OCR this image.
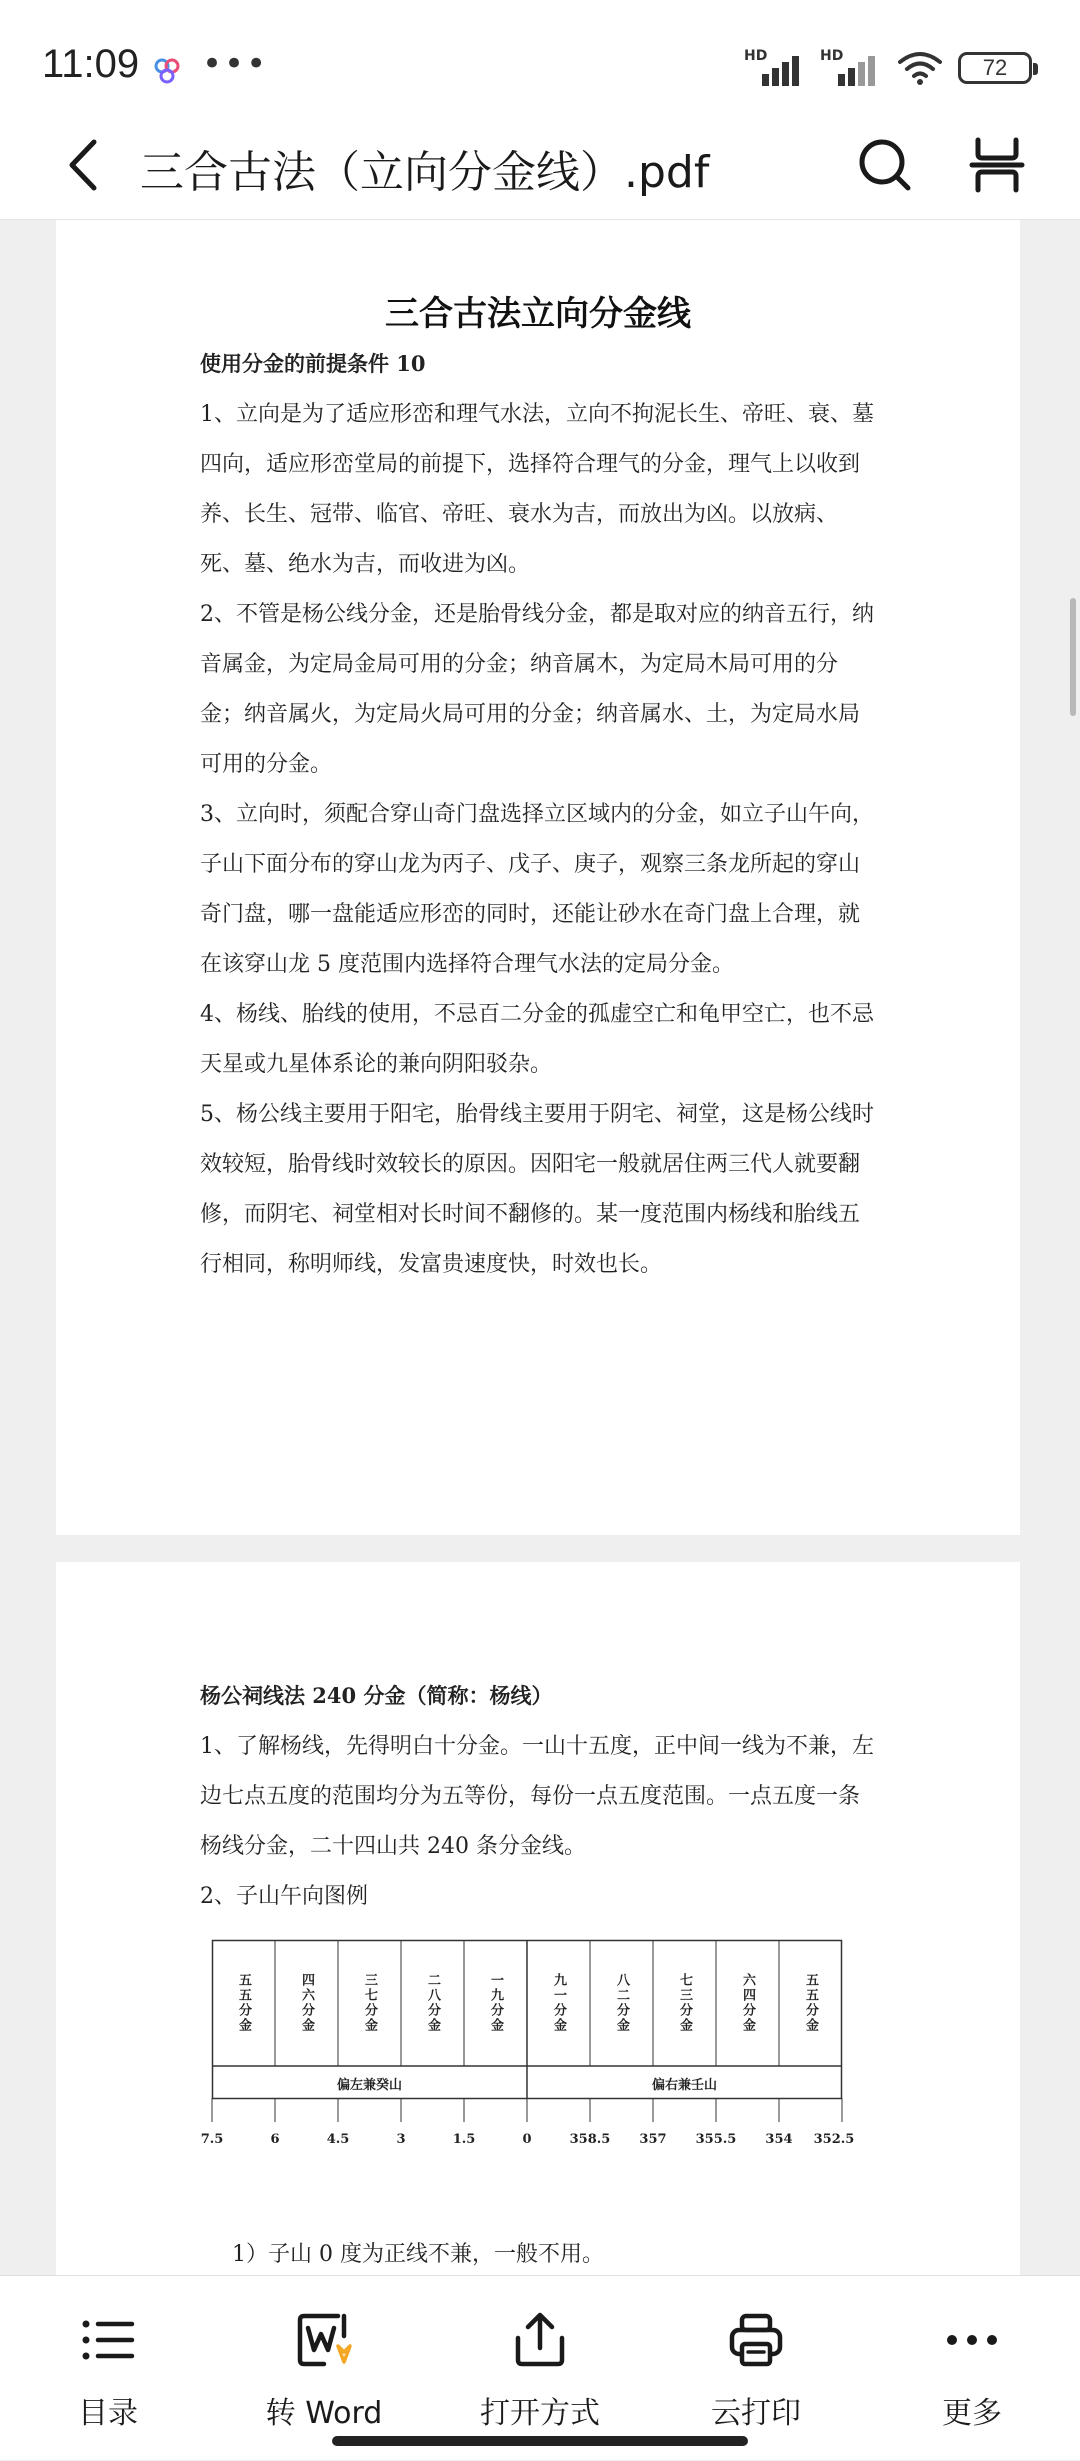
11:09 •••	HD	HD	72
三合古法（立向分金线）.pdf
三合古法立向分金线
使用分金的前提条件 10
1、立向是为了适应形峦和理气水法，立向不拘泥长生、帝旺、衰、墓四向，适应形峦堂局的前提下，选择符合理气的分金，理气上以收到养、长生、冠带、临官、帝旺、衰水为吉，而放出为凶。以放病、死、墓、绝水为吉，而收进为凶。
2、不管是杨公线分金，还是胎骨线分金，都是取对应的纳音五行，纳音属金，为定局金局可用的分金；纳音属木，为定局木局可用的分金；纳音属火，为定局火局可用的分金；纳音属水、土，为定局水局可用的分金。
3、立向时，须配合穿山奇门盘选择立区域内的分金，如立子山午向，子山下面分布的穿山龙为丙子、戊子、庚子，观察三条龙所起的穿山奇门盘，哪一盘能适应形峦的同时，还能让砂水在奇门盘上合理，就在该穿山龙 5 度范围内选择符合理气水法的定局分金。
4、杨线、胎线的使用，不忌百二分金的孤虚空亡和龟甲空亡，也不忌天星或九星体系论的兼向阴阳驳杂。
5、杨公线主要用于阳宅，胎骨线主要用于阴宅、祠堂，这是杨公线时效较短，胎骨线时效较长的原因。因阳宅一般就居住两三代人就要翻修，而阴宅、祠堂相对长时间不翻修的。某一度范围内杨线和胎线五行相同，称明师线，发富贵速度快，时效也长。
杨公祠线法 240 分金（简称：杨线）
1、了解杨线，先得明白十分金。一山十五度，正中间一线为不兼，左边七点五度的范围均分为五等份，每份一点五度范围。一点五度一条杨线分金，二十四山共 240 条分金线。
2、子山午向图例
五五分金	四六分金	三七分金	二八分金	一九分金	九一分金	八二分金	七三分金	六四分金	五五分金
偏左兼癸山	偏右兼壬山
7.5	6	4.5	3	1.5	0	358.5 357 355.5 354 352.5
1）子山 0 度为正线不兼，一般不用。
目录	转 Word	打开方式	云打印	更多
